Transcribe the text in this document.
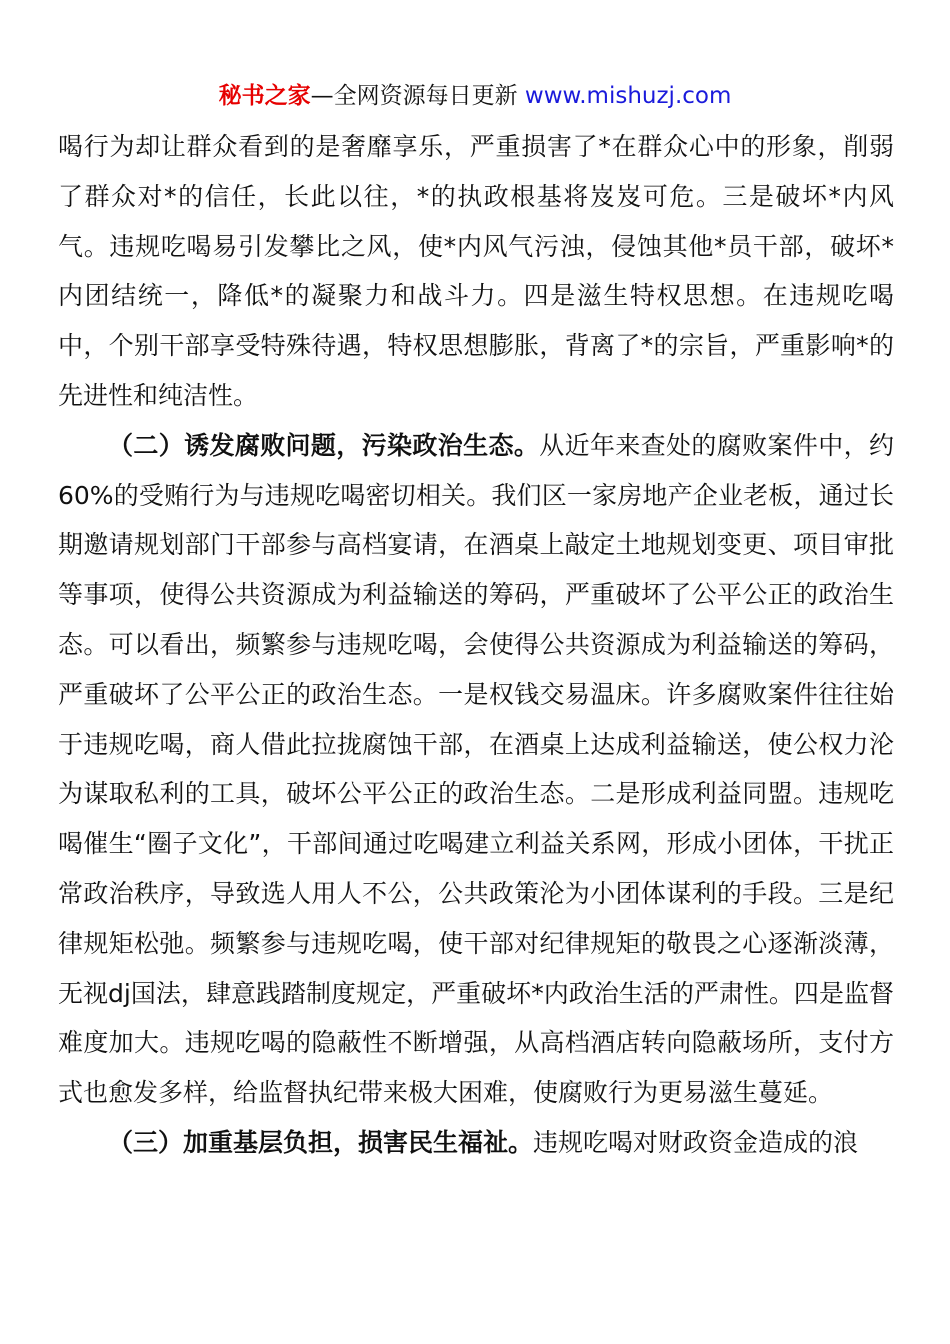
秘书之家—全网资源每日更新 www.mishuzj.com

喝行为却让群众看到的是奢靡享乐，严重损害了*在群众心中的形象，削弱了群众对*的信任，长此以往，*的执政根基将岌岌可危。三是破坏*内风气。违规吃喝易引发攀比之风，使*内风气污浊，侵蚀其他*员干部，破坏*内团结统一，降低*的凝聚力和战斗力。四是滋生特权思想。在违规吃喝中，个别干部享受特殊待遇，特权思想膨胀，背离了*的宗旨，严重影响*的先进性和纯洁性。

（二）诱发腐败问题，污染政治生态。从近年来查处的腐败案件中，约60%的受贿行为与违规吃喝密切相关。我们区一家房地产企业老板，通过长期邀请规划部门干部参与高档宴请，在酒桌上敲定土地规划变更、项目审批等事项，使得公共资源成为利益输送的筹码，严重破坏了公平公正的政治生态。可以看出，频繁参与违规吃喝，会使得公共资源成为利益输送的筹码，严重破坏了公平公正的政治生态。一是权钱交易温床。许多腐败案件往往始于违规吃喝，商人借此拉拢腐蚀干部，在酒桌上达成利益输送，使公权力沦为谋取私利的工具，破坏公平公正的政治生态。二是形成利益同盟。违规吃喝催生“圈子文化”，干部间通过吃喝建立利益关系网，形成小团体，干扰正常政治秩序，导致选人用人不公，公共政策沦为小团体谋利的手段。三是纪律规矩松弛。频繁参与违规吃喝，使干部对纪律规矩的敬畏之心逐渐淡薄，无视dj国法，肆意践踏制度规定，严重破坏*内政治生活的严肃性。四是监督难度加大。违规吃喝的隐蔽性不断增强，从高档酒店转向隐蔽场所，支付方式也愈发多样，给监督执纪带来极大困难，使腐败行为更易滋生蔓延。

（三）加重基层负担，损害民生福祉。违规吃喝对财政资金造成的浪
